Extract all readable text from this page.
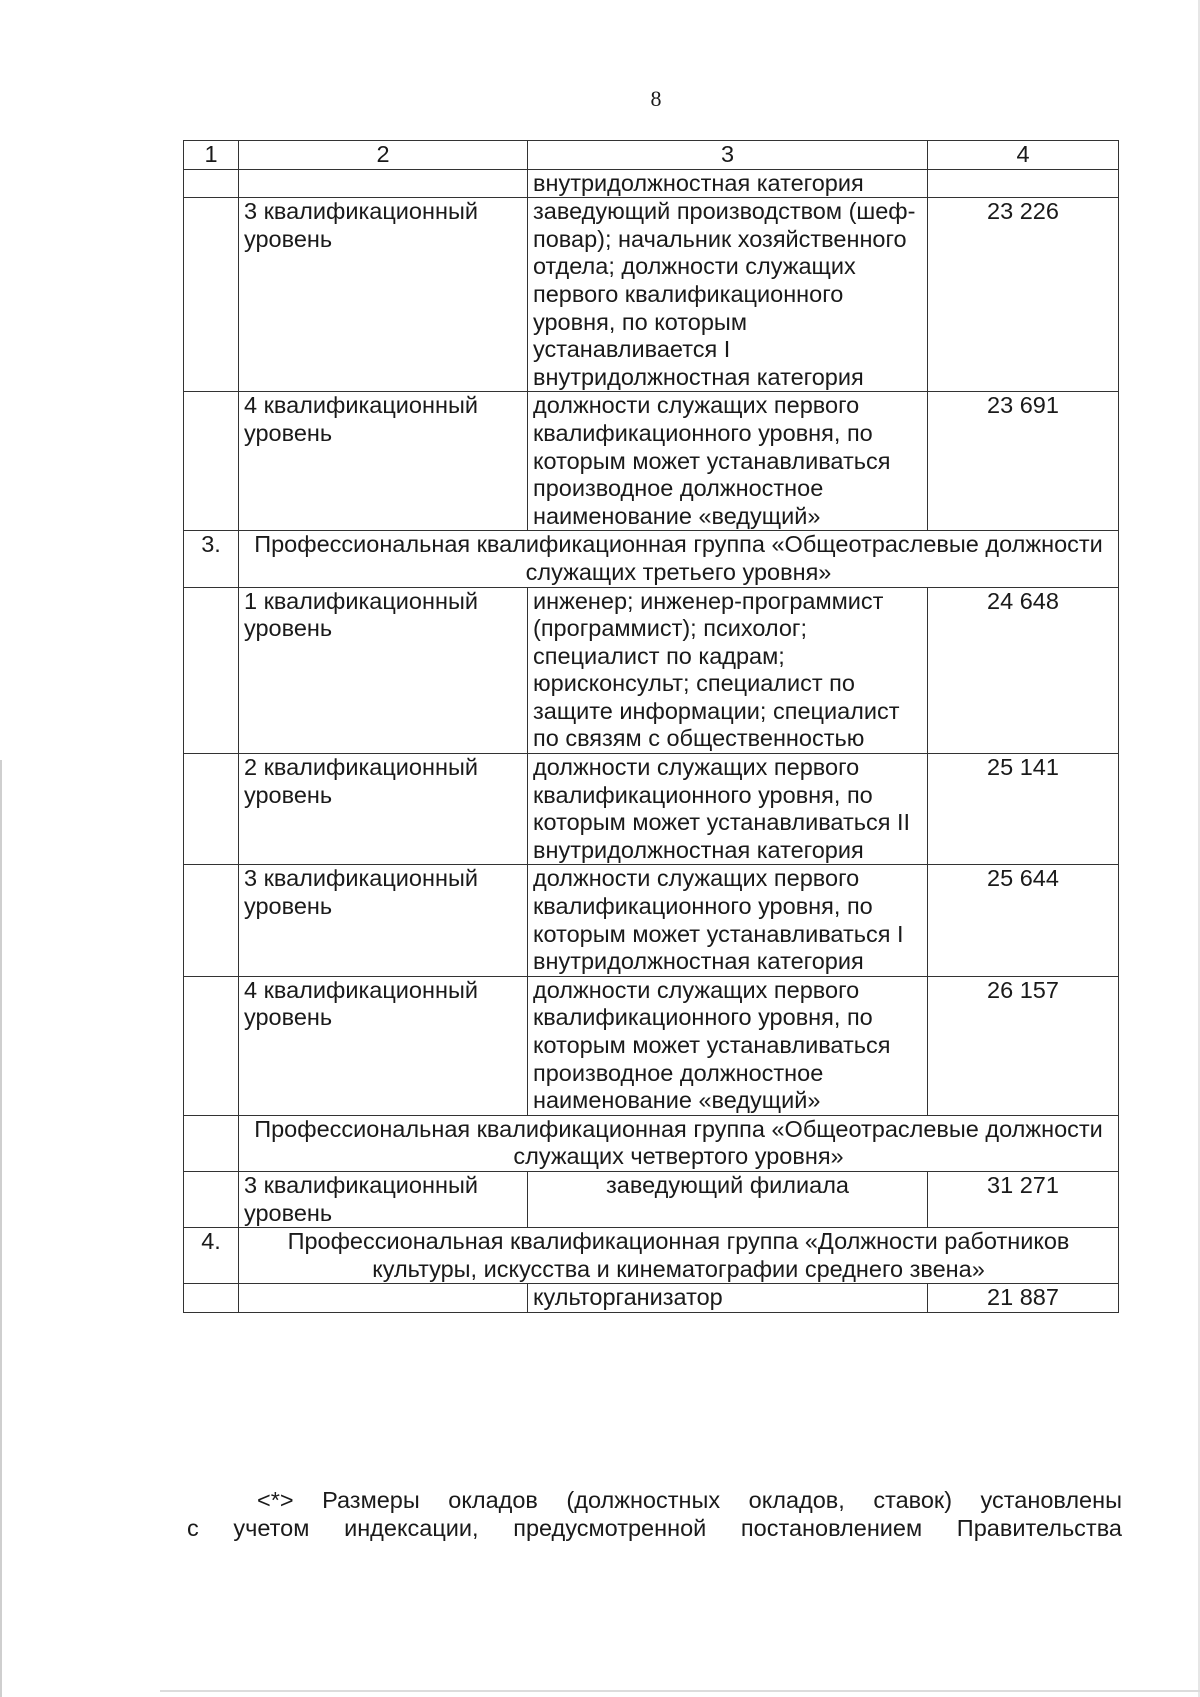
8
1	2	3	4
		внутридолжностная категория	
	3 квалификационный уровень	заведующий производством (шеф-повар); начальник хозяйственного отдела; должности служащих первого квалификационного уровня, по которым устанавливается I внутридолжностная категория	23 226
	4 квалификационный уровень	должности служащих первого квалификационного уровня, по которым может устанавливаться производное должностное наименование «ведущий»	23 691
3.	Профессиональная квалификационная группа «Общеотраслевые должности служащих третьего уровня»		
	1 квалификационный уровень	инженер; инженер-программист (программист); психолог; специалист по кадрам; юрисконсульт; специалист по защите информации; специалист по связям с общественностью	24 648
	2 квалификационный уровень	должности служащих первого квалификационного уровня, по которым может устанавливаться II внутридолжностная категория	25 141
	3 квалификационный уровень	должности служащих первого квалификационного уровня, по которым может устанавливаться I внутридолжностная категория	25 644
	4 квалификационный уровень	должности служащих первого квалификационного уровня, по которым может устанавливаться производное должностное наименование «ведущий»	26 157
	Профессиональная квалификационная группа «Общеотраслевые должности служащих четвертого уровня»		
	3 квалификационный уровень	заведующий филиала	31 271
4.	Профессиональная квалификационная группа «Должности работников культуры, искусства и кинематографии среднего звена»		
		культорганизатор	21 887

<*> Размеры окладов (должностных окладов, ставок) установлены

с учетом индексации, предусмотренной постановлением Правительства
